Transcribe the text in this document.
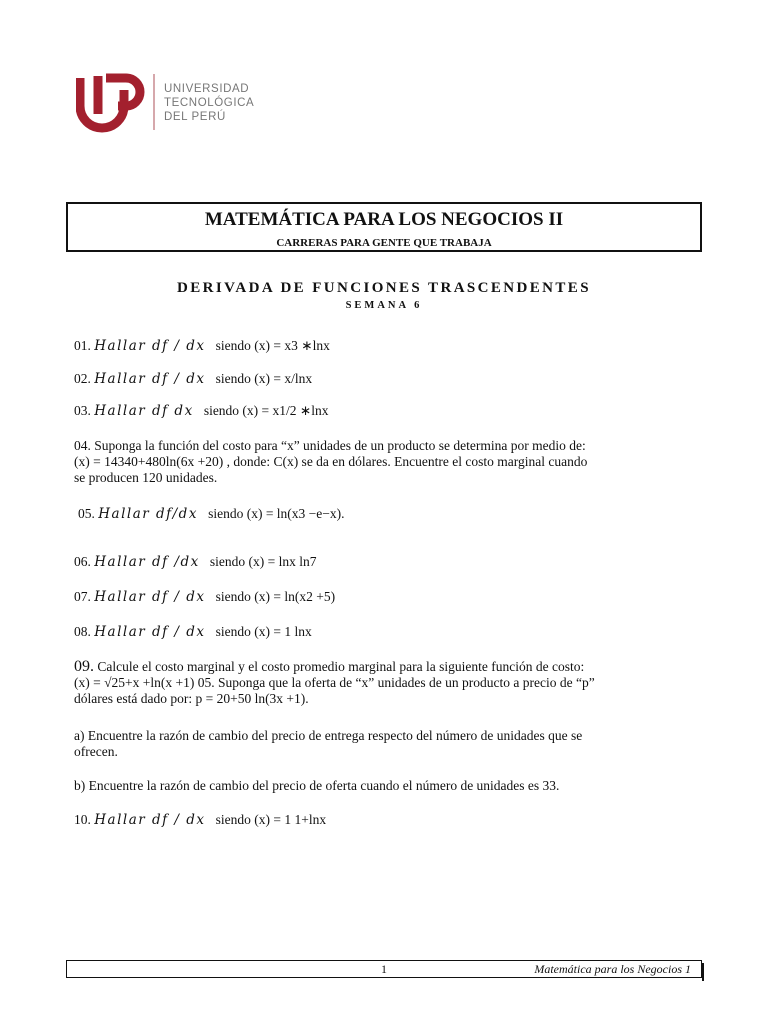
UNIVERSIDAD
TECNOLÓGICA
DEL PERÚ
MATEMÁTICA PARA LOS NEGOCIOS II
CARRERAS PARA GENTE QUE TRABAJA
DERIVADA DE FUNCIONES TRASCENDENTES
SEMANA 6
01. Hallar df / dx siendo (x) = x3 ∗lnx
02. Hallar df / dx siendo (x) = x/lnx
03. Hallar df dx siendo (x) = x1/2 ∗lnx
04. Suponga la función del costo para “x” unidades de un producto se determina por medio de:
(x) = 14340+480ln(6x +20) , donde: C(x) se da en dólares. Encuentre el costo marginal cuando
se producen 120 unidades.
05. Hallar df/dx siendo (x) = ln(x3 −e−x).
06. Hallar df /dx siendo (x) = lnx ln7
07. Hallar df / dx siendo (x) = ln(x2 +5)
08. Hallar df / dx siendo (x) = 1 lnx
09. Calcule el costo marginal y el costo promedio marginal para la siguiente función de costo:
(x) = √25+x +ln(x +1) 05. Suponga que la oferta de “x” unidades de un producto a precio de “p”
dólares está dado por: p = 20+50 ln(3x +1).
a) Encuentre la razón de cambio del precio de entrega respecto del número de unidades que se
ofrecen.
b) Encuentre la razón de cambio del precio de oferta cuando el número de unidades es 33.
10. Hallar df / dx siendo (x) = 1 1+lnx
1	Matemática para los Negocios 1
